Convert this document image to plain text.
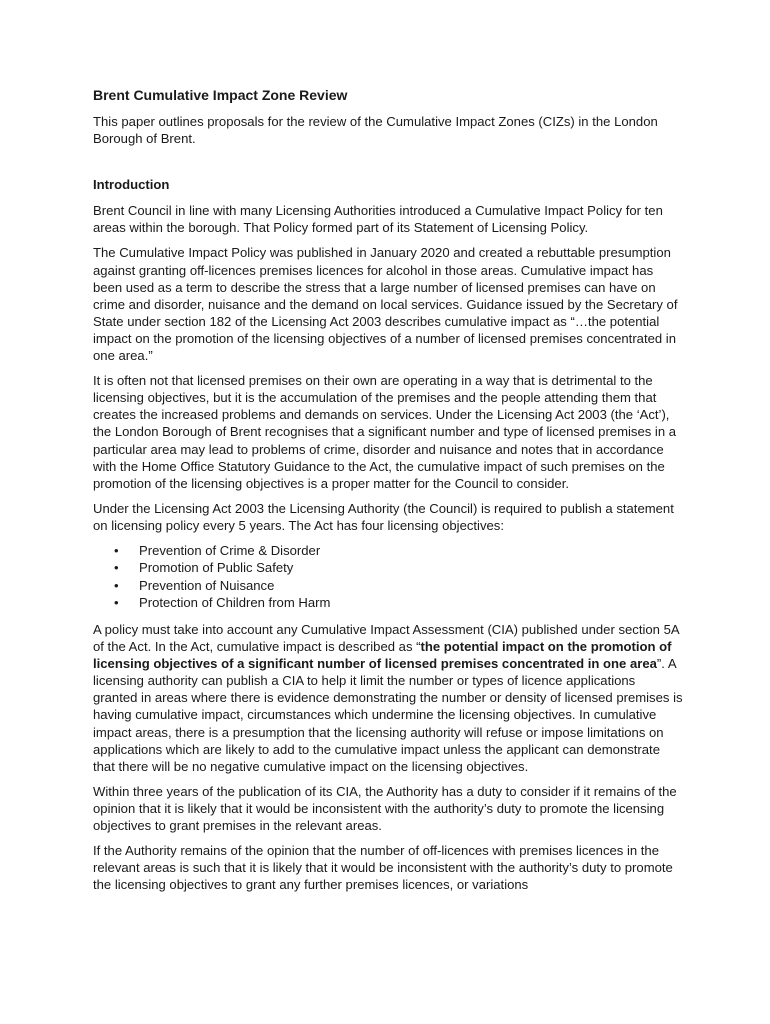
Brent Cumulative Impact Zone Review

This paper outlines proposals for the review of the Cumulative Impact Zones (CIZs) in the London Borough of Brent.

Introduction

Brent Council in line with many Licensing Authorities introduced a Cumulative Impact Policy for ten areas within the borough. That Policy formed part of its Statement of Licensing Policy.

The Cumulative Impact Policy was published in January 2020 and created a rebuttable presumption against granting off-licences premises licences for alcohol in those areas. Cumulative impact has been used as a term to describe the stress that a large number of licensed premises can have on crime and disorder, nuisance and the demand on local services. Guidance issued by the Secretary of State under section 182 of the Licensing Act 2003 describes cumulative impact as “…the potential impact on the promotion of the licensing objectives of a number of licensed premises concentrated in one area.”

It is often not that licensed premises on their own are operating in a way that is detrimental to the licensing objectives, but it is the accumulation of the premises and the people attending them that creates the increased problems and demands on services. Under the Licensing Act 2003 (the ‘Act’), the London Borough of Brent recognises that a significant number and type of licensed premises in a particular area may lead to problems of crime, disorder and nuisance and notes that in accordance with the Home Office Statutory Guidance to the Act, the cumulative impact of such premises on the promotion of the licensing objectives is a proper matter for the Council to consider.

Under the Licensing Act 2003 the Licensing Authority (the Council) is required to publish a statement on licensing policy every 5 years. The Act has four licensing objectives:

• Prevention of Crime & Disorder
• Promotion of Public Safety
• Prevention of Nuisance
• Protection of Children from Harm

A policy must take into account any Cumulative Impact Assessment (CIA) published under section 5A of the Act. In the Act, cumulative impact is described as “the potential impact on the promotion of licensing objectives of a significant number of licensed premises concentrated in one area”. A licensing authority can publish a CIA to help it limit the number or types of licence applications granted in areas where there is evidence demonstrating the number or density of licensed premises is having cumulative impact, circumstances which undermine the licensing objectives. In cumulative impact areas, there is a presumption that the licensing authority will refuse or impose limitations on applications which are likely to add to the cumulative impact unless the applicant can demonstrate that there will be no negative cumulative impact on the licensing objectives.

Within three years of the publication of its CIA, the Authority has a duty to consider if it remains of the opinion that it is likely that it would be inconsistent with the authority’s duty to promote the licensing objectives to grant premises in the relevant areas.

If the Authority remains of the opinion that the number of off-licences with premises licences in the relevant areas is such that it is likely that it would be inconsistent with the authority’s duty to promote the licensing objectives to grant any further premises licences, or variations
